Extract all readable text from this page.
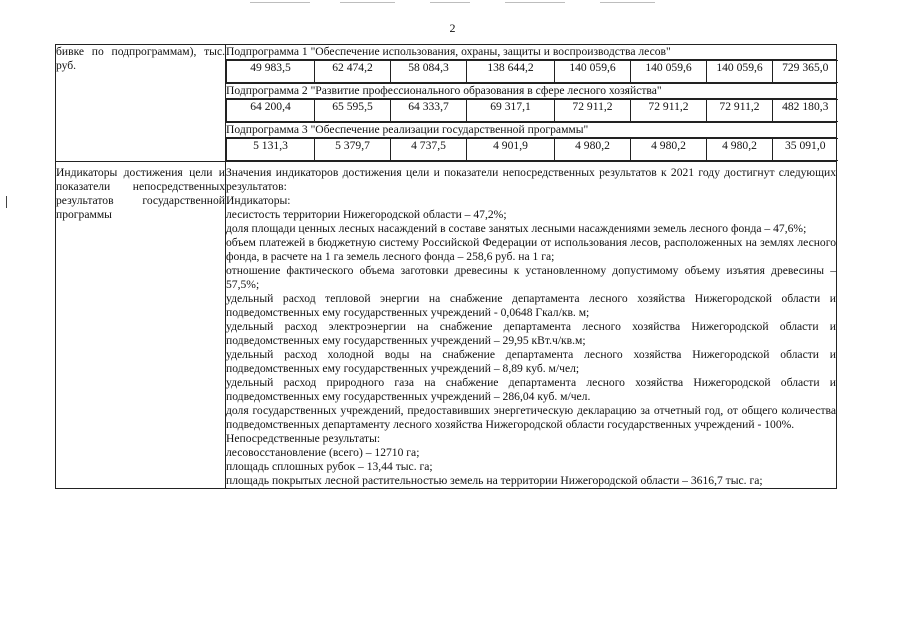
2
бивке по подпрограммам), тыс. руб.	Подпрограмма 1 "Обеспечение использования, охраны, защиты и воспроизводства лесов"

49 983,5	62 474,2	58 084,3	138 644,2	140 059,6	140 059,6	140 059,6	729 365,0

Подпрограмма 2 "Развитие профессионального образования в сфере лесного хозяйства"

64 200,4	65 595,5	64 333,7	69 317,1	72 911,2	72 911,2	72 911,2	482 180,3

Подпрограмма 3 "Обеспечение реализации государственной программы"

5 131,3	5 379,7	4 737,5	4 901,9	4 980,2	4 980,2	4 980,2	35 091,0

Индикаторы достижения цели и показатели непосредственных результатов государственной программы	
Значения индикаторов достижения цели и показатели непосредственных результатов к 2021 году достигнут следующих результатов:
Индикаторы:
лесистость территории Нижегородской области – 47,2%;
доля площади ценных лесных насаждений в составе занятых лесными насаждениями земель лесного фонда – 47,6%;
объем платежей в бюджетную систему Российской Федерации от использования лесов, расположенных на землях лесного фонда, в расчете на 1 га земель лесного фонда – 258,6 руб. на 1 га;
отношение фактического объема заготовки древесины к установленному допустимому объему изъятия древесины – 57,5%;
удельный расход тепловой энергии на снабжение департамента лесного хозяйства Нижегородской области и подведомственных ему государственных учреждений - 0,0648 Гкал/кв. м;
удельный расход электроэнергии на снабжение департамента лесного хозяйства Нижегородской области и подведомственных ему государственных учреждений – 29,95 кВт.ч/кв.м;
удельный расход холодной воды на снабжение департамента лесного хозяйства Нижегородской области и подведомственных ему государственных учреждений – 8,89 куб. м/чел;
удельный расход природного газа на снабжение департамента лесного хозяйства Нижегородской области и подведомственных ему государственных учреждений – 286,04 куб. м/чел.
доля государственных учреждений, предоставивших энергетическую декларацию за отчетный год, от общего количества подведомственных департаменту лесного хозяйства Нижегородской области государственных учреждений - 100%.
Непосредственные результаты:
лесовосстановление (всего) – 12710 га;
площадь сплошных рубок – 13,44 тыс. га;
площадь покрытых лесной растительностью земель на территории Нижегородской области – 3616,7 тыс. га;
